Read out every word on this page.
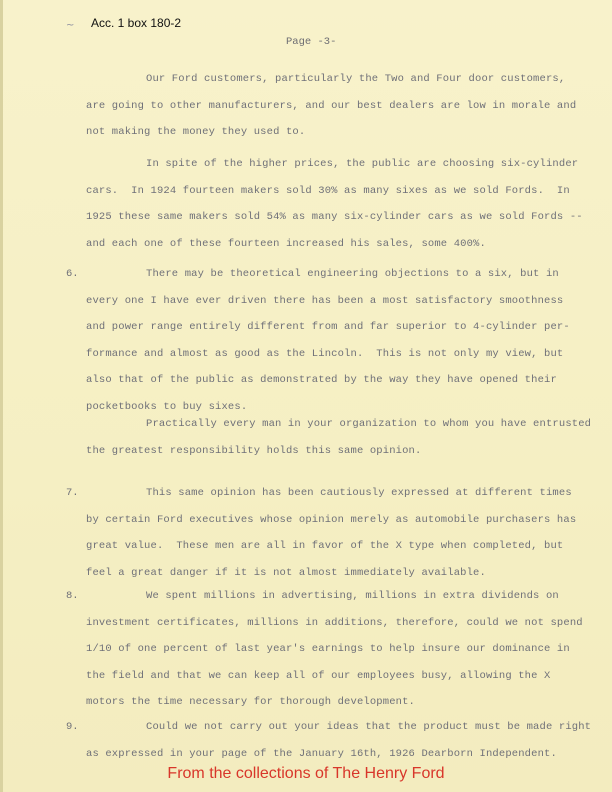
~ Acc. 1 box 180-2
Page -3-
Our Ford customers, particularly the Two and Four door customers,
are going to other manufacturers, and our best dealers are low in morale and
not making the money they used to.
In spite of the higher prices, the public are choosing six-cylinder
cars.  In 1924 fourteen makers sold 30% as many sixes as we sold Fords.  In
1925 these same makers sold 54% as many six-cylinder cars as we sold Fords --
and each one of these fourteen increased his sales, some 400%.
6.	There may be theoretical engineering objections to a six, but in
every one I have ever driven there has been a most satisfactory smoothness
and power range entirely different from and far superior to 4-cylinder per-
formance and almost as good as the Lincoln.  This is not only my view, but
also that of the public as demonstrated by the way they have opened their
pocketbooks to buy sixes.
Practically every man in your organization to whom you have entrusted
the greatest responsibility holds this same opinion.
7.	This same opinion has been cautiously expressed at different times
by certain Ford executives whose opinion merely as automobile purchasers has
great value.  These men are all in favor of the X type when completed, but
feel a great danger if it is not almost immediately available.
8.	We spent millions in advertising, millions in extra dividends on
investment certificates, millions in additions, therefore, could we not spend
1/10 of one percent of last year's earnings to help insure our dominance in
the field and that we can keep all of our employees busy, allowing the X
motors the time necessary for thorough development.
9.	Could we not carry out your ideas that the product must be made right
as expressed in your page of the January 16th, 1926 Dearborn Independent.
From the collections of The Henry Ford
